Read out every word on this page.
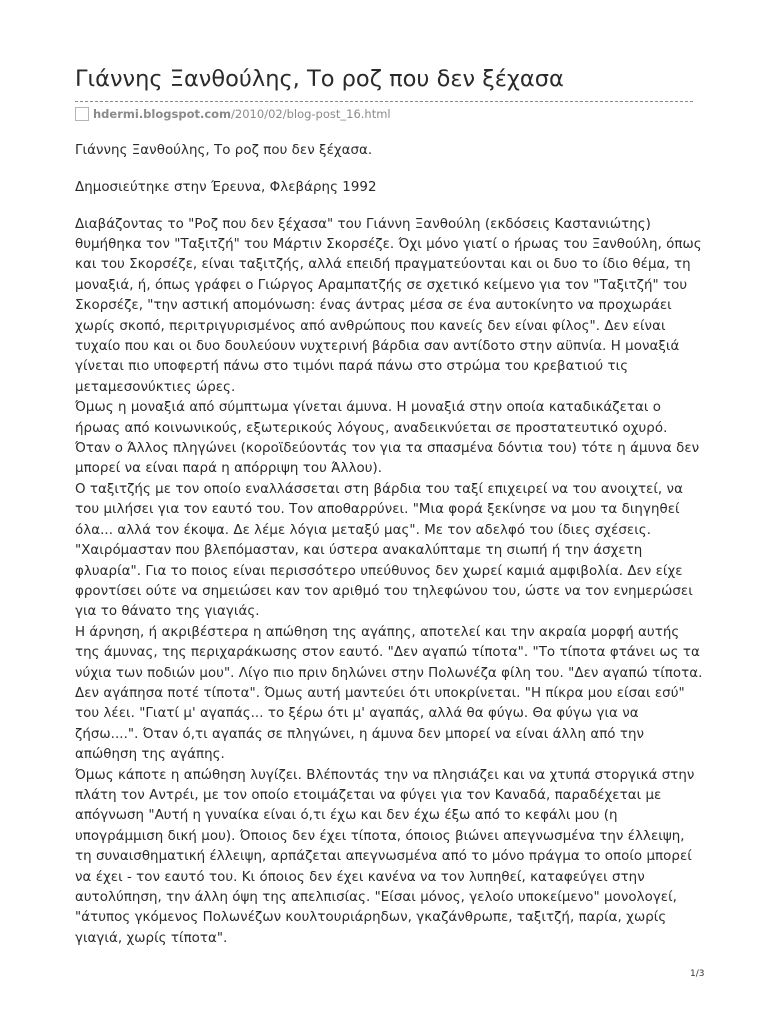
Γιάννης Ξανθούλης, Το ροζ που δεν ξέχασα
hdermi.blogspot.com /2010/02/blog-post_16.html

Γιάννης Ξανθούλης, Το ροζ που δεν ξέχασα.

Δημοσιεύτηκε στην Έρευνα, Φλεβάρης 1992

Διαβάζοντας το "Ροζ που δεν ξέχασα" του Γιάννη Ξανθούλη (εκδόσεις Καστανιώτης) θυμήθηκα τον "Ταξιτζή" του Μάρτιν Σκορσέζε. Όχι μόνο γιατί ο ήρωας του Ξανθούλη, όπως και του Σκορσέζε, είναι ταξιτζής, αλλά επειδή πραγματεύονται και οι δυο το ίδιο θέμα, τη μοναξιά, ή, όπως γράφει ο Γιώργος Αραμπατζής σε σχετικό κείμενο για τον "Ταξιτζή" του Σκορσέζε, "την αστική απομόνωση: ένας άντρας μέσα σε ένα αυτοκίνητο να προχωράει χωρίς σκοπό, περιτριγυρισμένος από ανθρώπους που κανείς δεν είναι φίλος". Δεν είναι τυχαίο που και οι δυο δουλεύουν νυχτερινή βάρδια σαν αντίδοτο στην αϋπνία. Η μοναξιά γίνεται πιο υποφερτή πάνω στο τιμόνι παρά πάνω στο στρώμα του κρεβατιού τις μεταμεσονύκτιες ώρες.

Όμως η μοναξιά από σύμπτωμα γίνεται άμυνα. Η μοναξιά στην οποία καταδικάζεται ο ήρωας από κοινωνικούς, εξωτερικούς λόγους, αναδεικνύεται σε προστατευτικό οχυρό. Όταν ο Άλλος πληγώνει (κοροϊδεύοντάς τον για τα σπασμένα δόντια του) τότε η άμυνα δεν μπορεί να είναι παρά η απόρριψη του Άλλου).

Ο ταξιτζής με τον οποίο εναλλάσσεται στη βάρδια του ταξί επιχειρεί να του ανοιχτεί, να του μιλήσει για τον εαυτό του. Τον αποθαρρύνει. "Μια φορά ξεκίνησε να μου τα διηγηθεί όλα... αλλά τον έκοψα. Δε λέμε λόγια μεταξύ μας". Με τον αδελφό του ίδιες σχέσεις. "Χαιρόμασταν που βλεπόμασταν, και ύστερα ανακαλύπταμε τη σιωπή ή την άσχετη φλυαρία". Για το ποιος είναι περισσότερο υπεύθυνος δεν χωρεί καμιά αμφιβολία. Δεν είχε φροντίσει ούτε να σημειώσει καν τον αριθμό του τηλεφώνου του, ώστε να τον ενημερώσει για το θάνατο της γιαγιάς.

Η άρνηση, ή ακριβέστερα η απώθηση της αγάπης, αποτελεί και την ακραία μορφή αυτής της άμυνας, της περιχαράκωσης στον εαυτό. "Δεν αγαπώ τίποτα". "Το τίποτα φτάνει ως τα νύχια των ποδιών μου". Λίγο πιο πριν δηλώνει στην Πολωνέζα φίλη του. "Δεν αγαπώ τίποτα. Δεν αγάπησα ποτέ τίποτα". Όμως αυτή μαντεύει ότι υποκρίνεται. "Η πίκρα μου είσαι εσύ" του λέει. "Γιατί μ' αγαπάς... το ξέρω ότι μ' αγαπάς, αλλά θα φύγω. Θα φύγω για να ζήσω....". Όταν ό,τι αγαπάς σε πληγώνει, η άμυνα δεν μπορεί να είναι άλλη από την απώθηση της αγάπης.

Όμως κάποτε η απώθηση λυγίζει. Βλέποντάς την να πλησιάζει και να χτυπά στοργικά στην πλάτη τον Αντρέι, με τον οποίο ετοιμάζεται να φύγει για τον Καναδά, παραδέχεται με απόγνωση "Αυτή η γυναίκα είναι ό,τι έχω και δεν έχω έξω από το κεφάλι μου (η υπογράμμιση δική μου). Όποιος δεν έχει τίποτα, όποιος βιώνει απεγνωσμένα την έλλειψη, τη συναισθηματική έλλειψη, αρπάζεται απεγνωσμένα από το μόνο πράγμα το οποίο μπορεί να έχει - τον εαυτό του. Κι όποιος δεν έχει κανένα να τον λυπηθεί, καταφεύγει στην αυτολύπηση, την άλλη όψη της απελπισίας. "Είσαι μόνος, γελοίο υποκείμενο" μονολογεί, "άτυπος γκόμενος Πολωνέζων κουλτουριάρηδων, γκαζάνθρωπε, ταξιτζή, παρία, χωρίς γιαγιά, χωρίς τίποτα".

1/3
